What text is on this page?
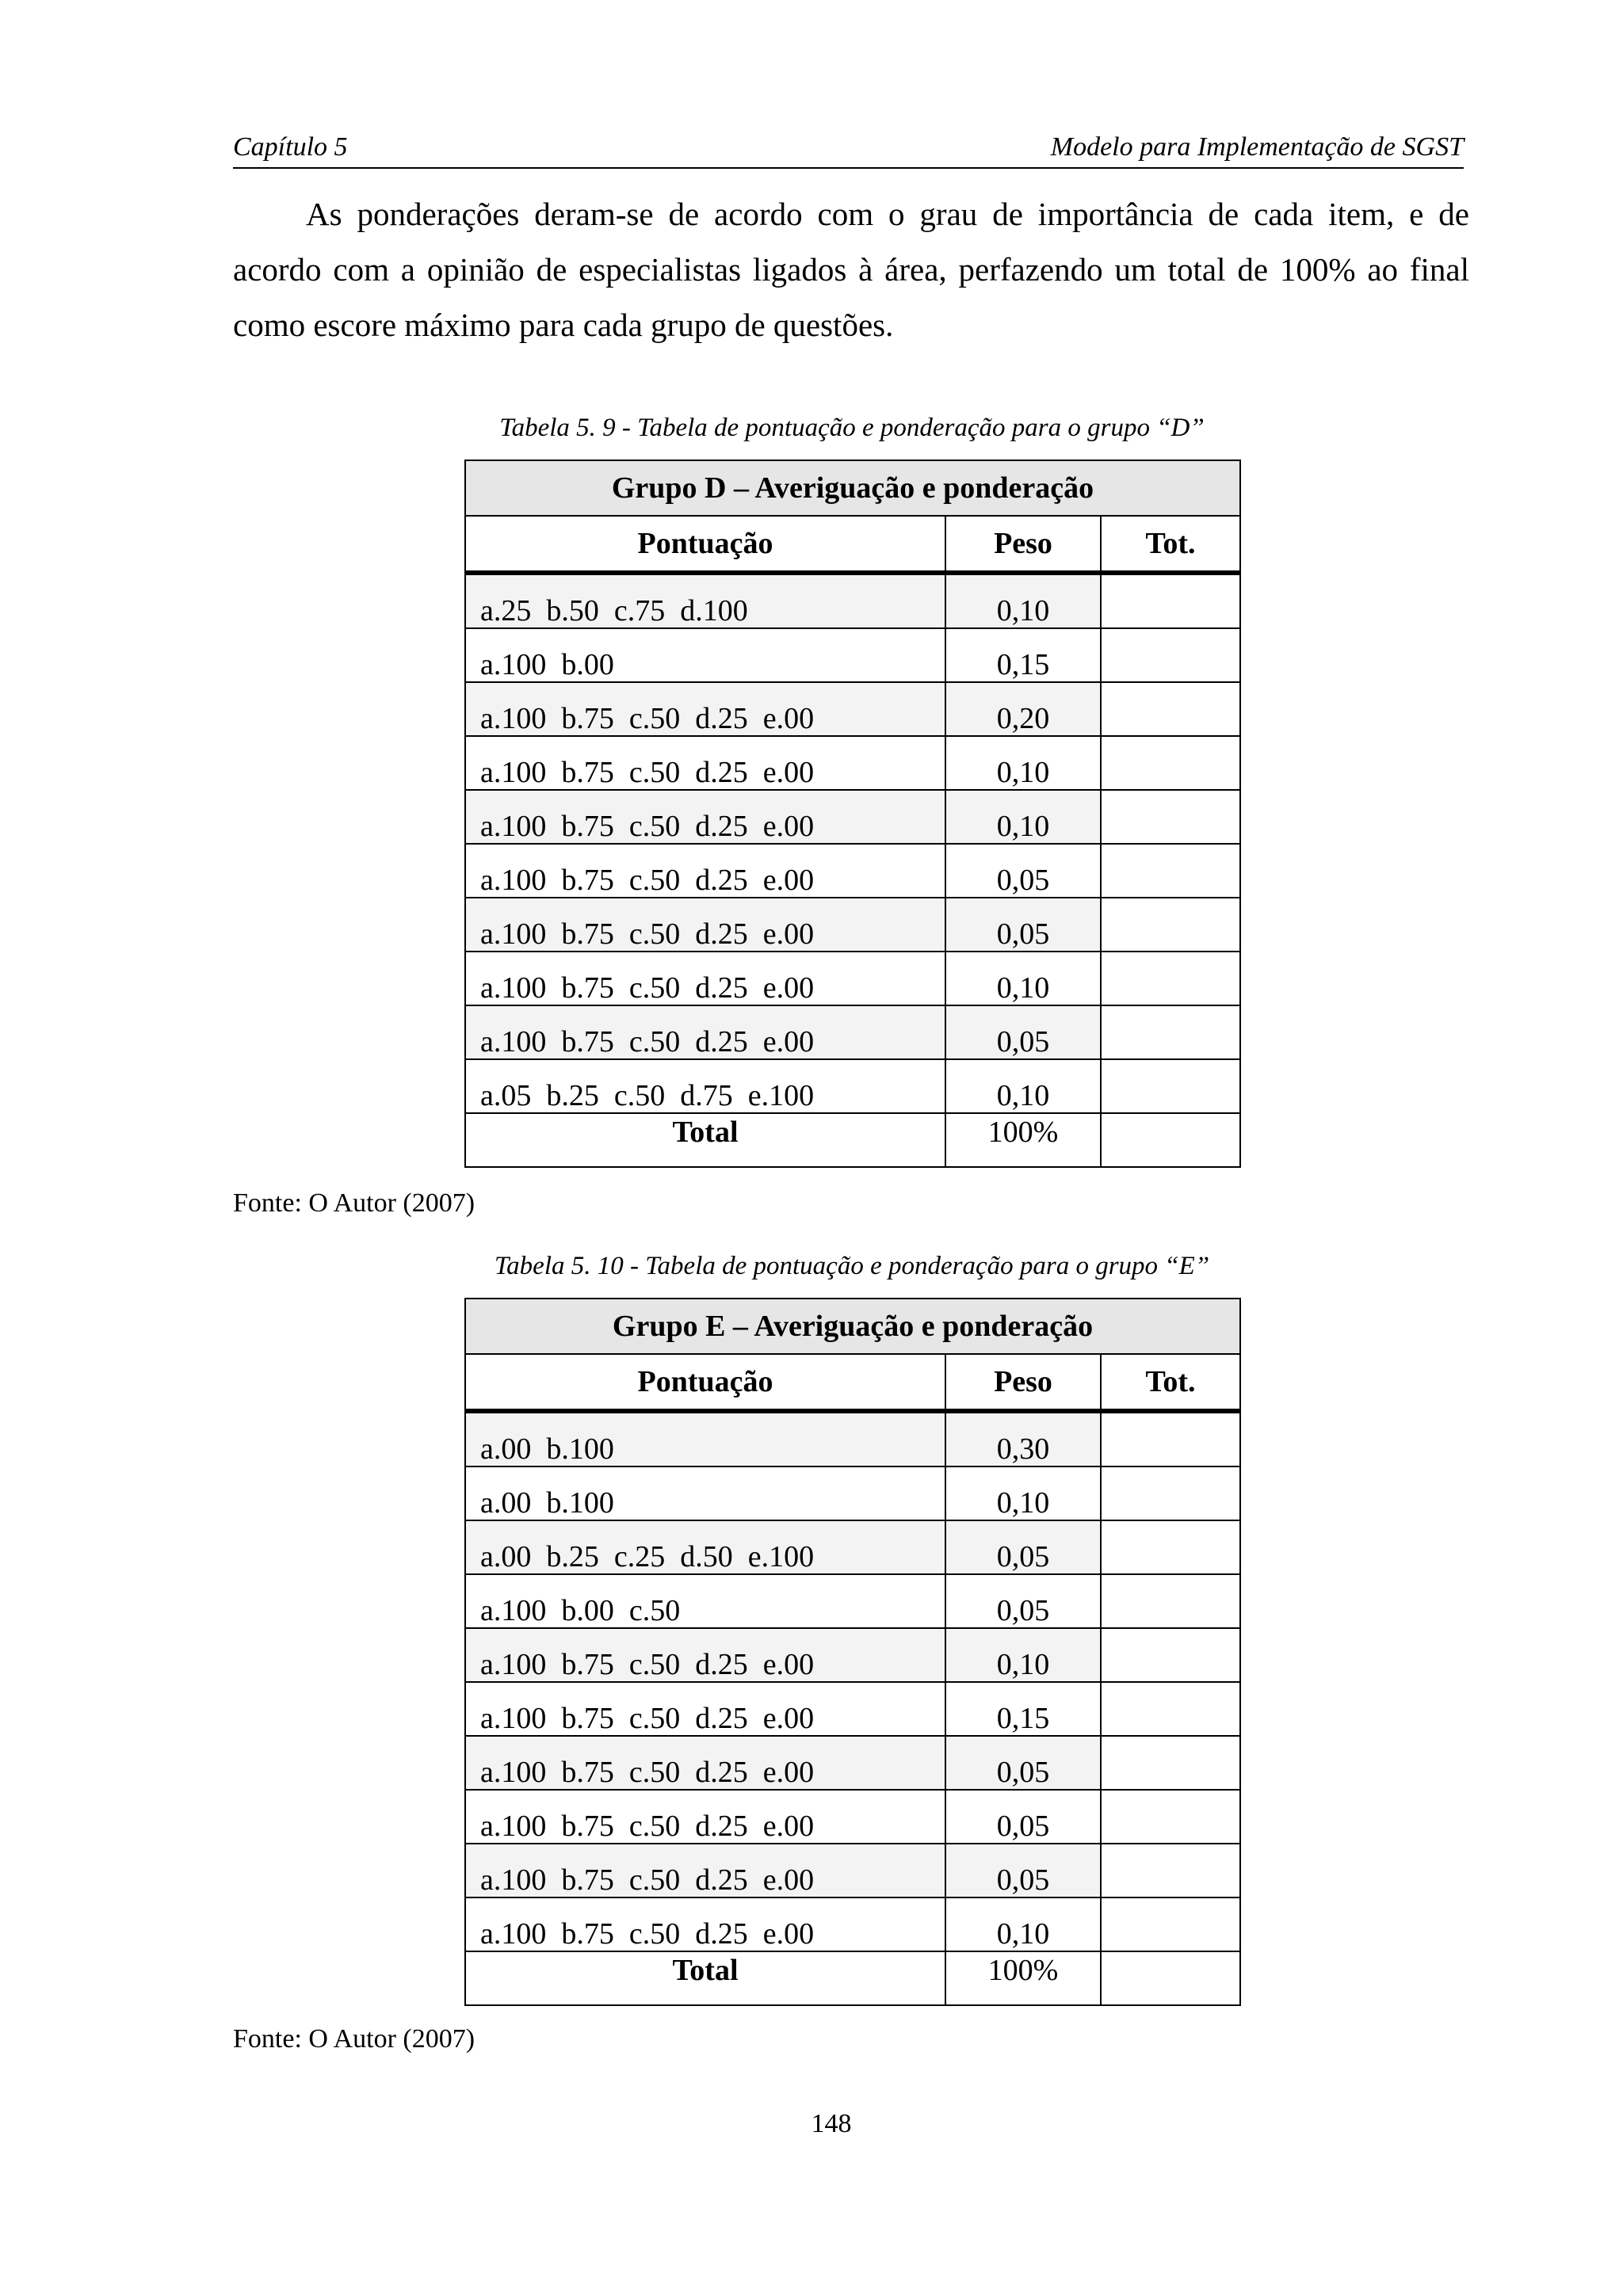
Capítulo 5	Modelo para Implementação de SGST

As ponderações deram-se de acordo com o grau de importância de cada item, e de acordo com a opinião de especialistas ligados à área, perfazendo um total de 100% ao final como escore máximo para cada grupo de questões.

Tabela 5. 9 - Tabela de pontuação e ponderação para o grupo “D”
Grupo D – Averiguação e ponderação		
Pontuação	Peso	Tot.

a.25  b.50  c.75  d.100	0,10	
a.100  b.00	0,15	
a.100  b.75  c.50  d.25  e.00	0,20	
a.100  b.75  c.50  d.25  e.00	0,10	
a.100  b.75  c.50  d.25  e.00	0,10	
a.100  b.75  c.50  d.25  e.00	0,05	
a.100  b.75  c.50  d.25  e.00	0,05	
a.100  b.75  c.50  d.25  e.00	0,10	
a.100  b.75  c.50  d.25  e.00	0,05	
a.05  b.25  c.50  d.75  e.100	0,10	
Total	100%	
Fonte: O Autor (2007)
Tabela 5. 10 - Tabela de pontuação e ponderação para o grupo “E”
Grupo E – Averiguação e ponderação		
Pontuação	Peso	Tot.

a.00  b.100	0,30	
a.00  b.100	0,10	
a.00  b.25  c.25  d.50  e.100	0,05	
a.100  b.00  c.50	0,05	
a.100  b.75  c.50  d.25  e.00	0,10	
a.100  b.75  c.50  d.25  e.00	0,15	
a.100  b.75  c.50  d.25  e.00	0,05	
a.100  b.75  c.50  d.25  e.00	0,05	
a.100  b.75  c.50  d.25  e.00	0,05	
a.100  b.75  c.50  d.25  e.00	0,10	
Total	100%	
Fonte: O Autor (2007)
148
